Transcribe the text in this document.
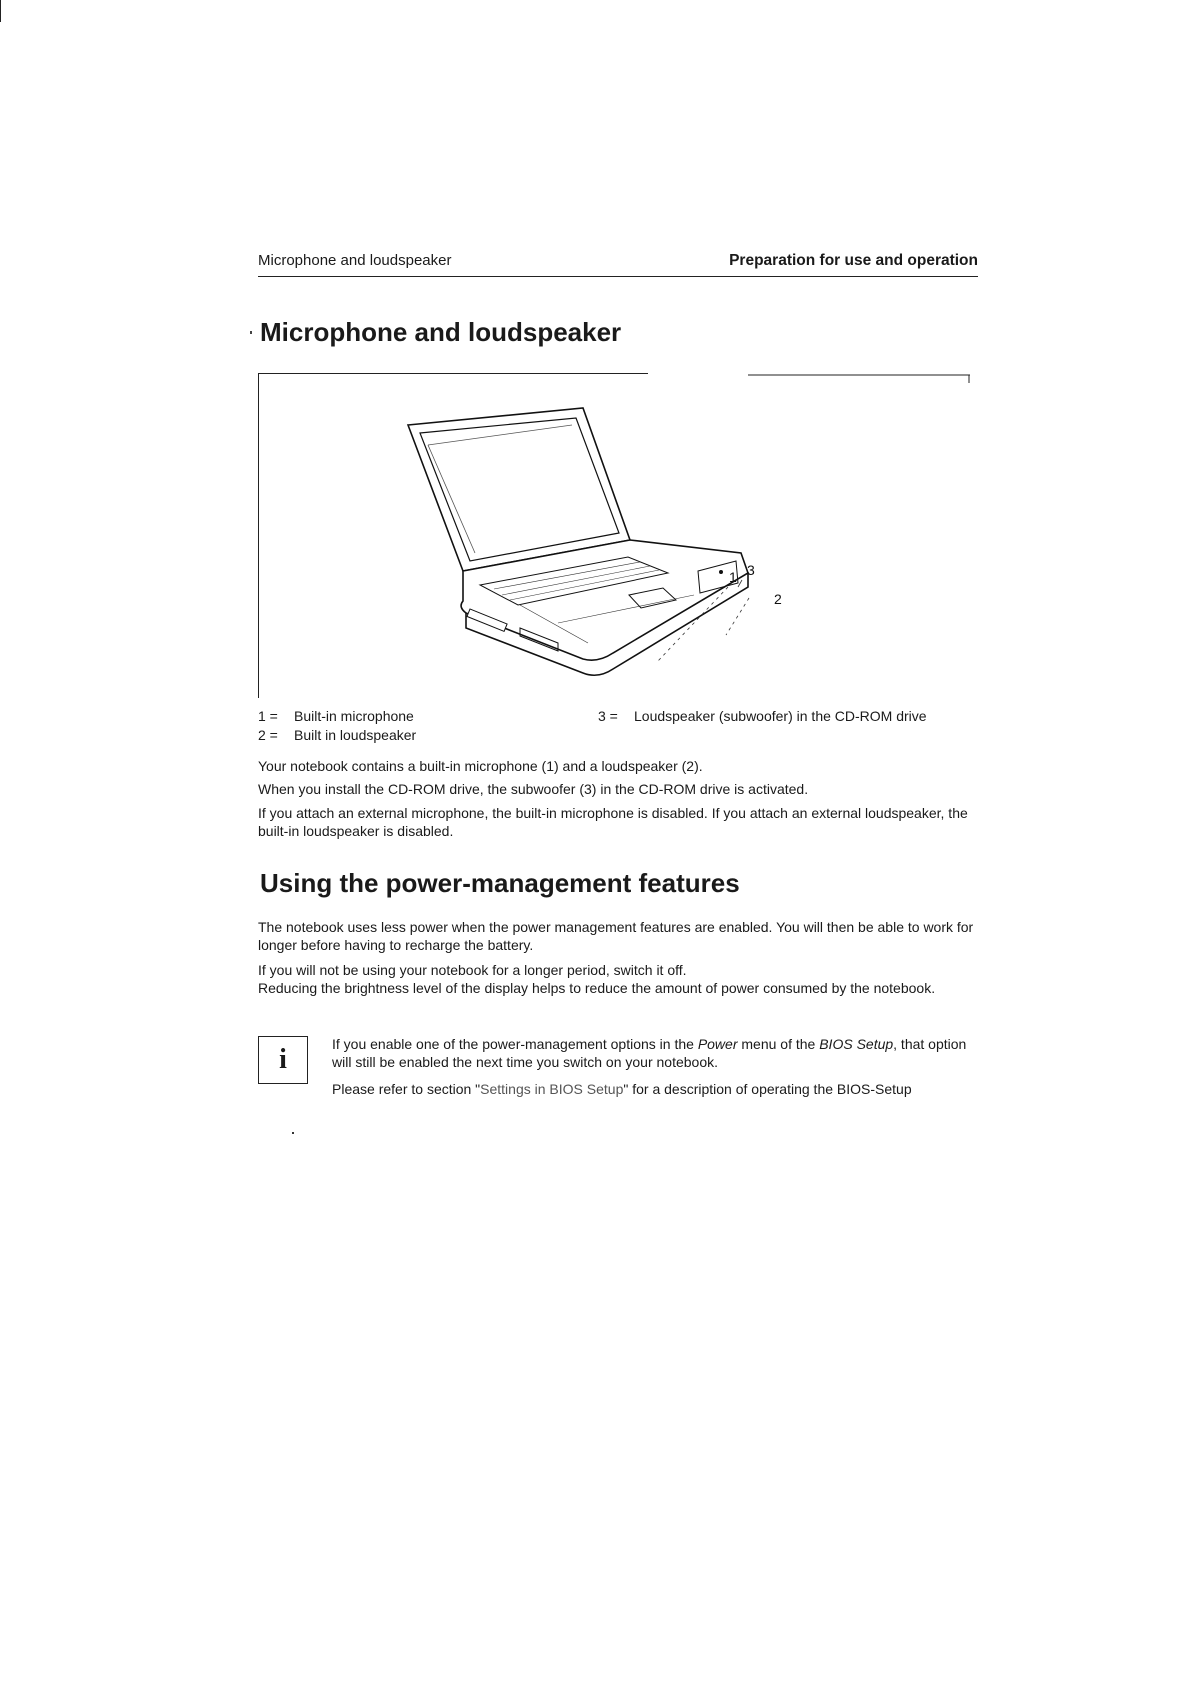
Microphone and loudspeaker	Preparation for use and operation
Microphone and loudspeaker
1
2
3
1 = Built-in microphone
2 = Built in loudspeaker
3 = Loudspeaker (subwoofer) in the CD-ROM drive

Your notebook contains a built-in microphone (1) and a loudspeaker (2).

When you install the CD-ROM drive, the subwoofer (3) in the CD-ROM drive is activated.

If you attach an external microphone, the built-in microphone is disabled. If you attach an external loudspeaker, the built-in loudspeaker is disabled.

Using the power-management features

The notebook uses less power when the power management features are enabled. You will then be able to work for longer before having to recharge the battery.

If you will not be using your notebook for a longer period, switch it off.
Reducing the brightness level of the display helps to reduce the amount of power consumed by the notebook.

i	If you enable one of the power-management options in the Power menu of the BIOS Setup, that option will still be enabled the next time you switch on your notebook.

Please refer to section "Settings in BIOS Setup" for a description of operating the BIOS-Setup
